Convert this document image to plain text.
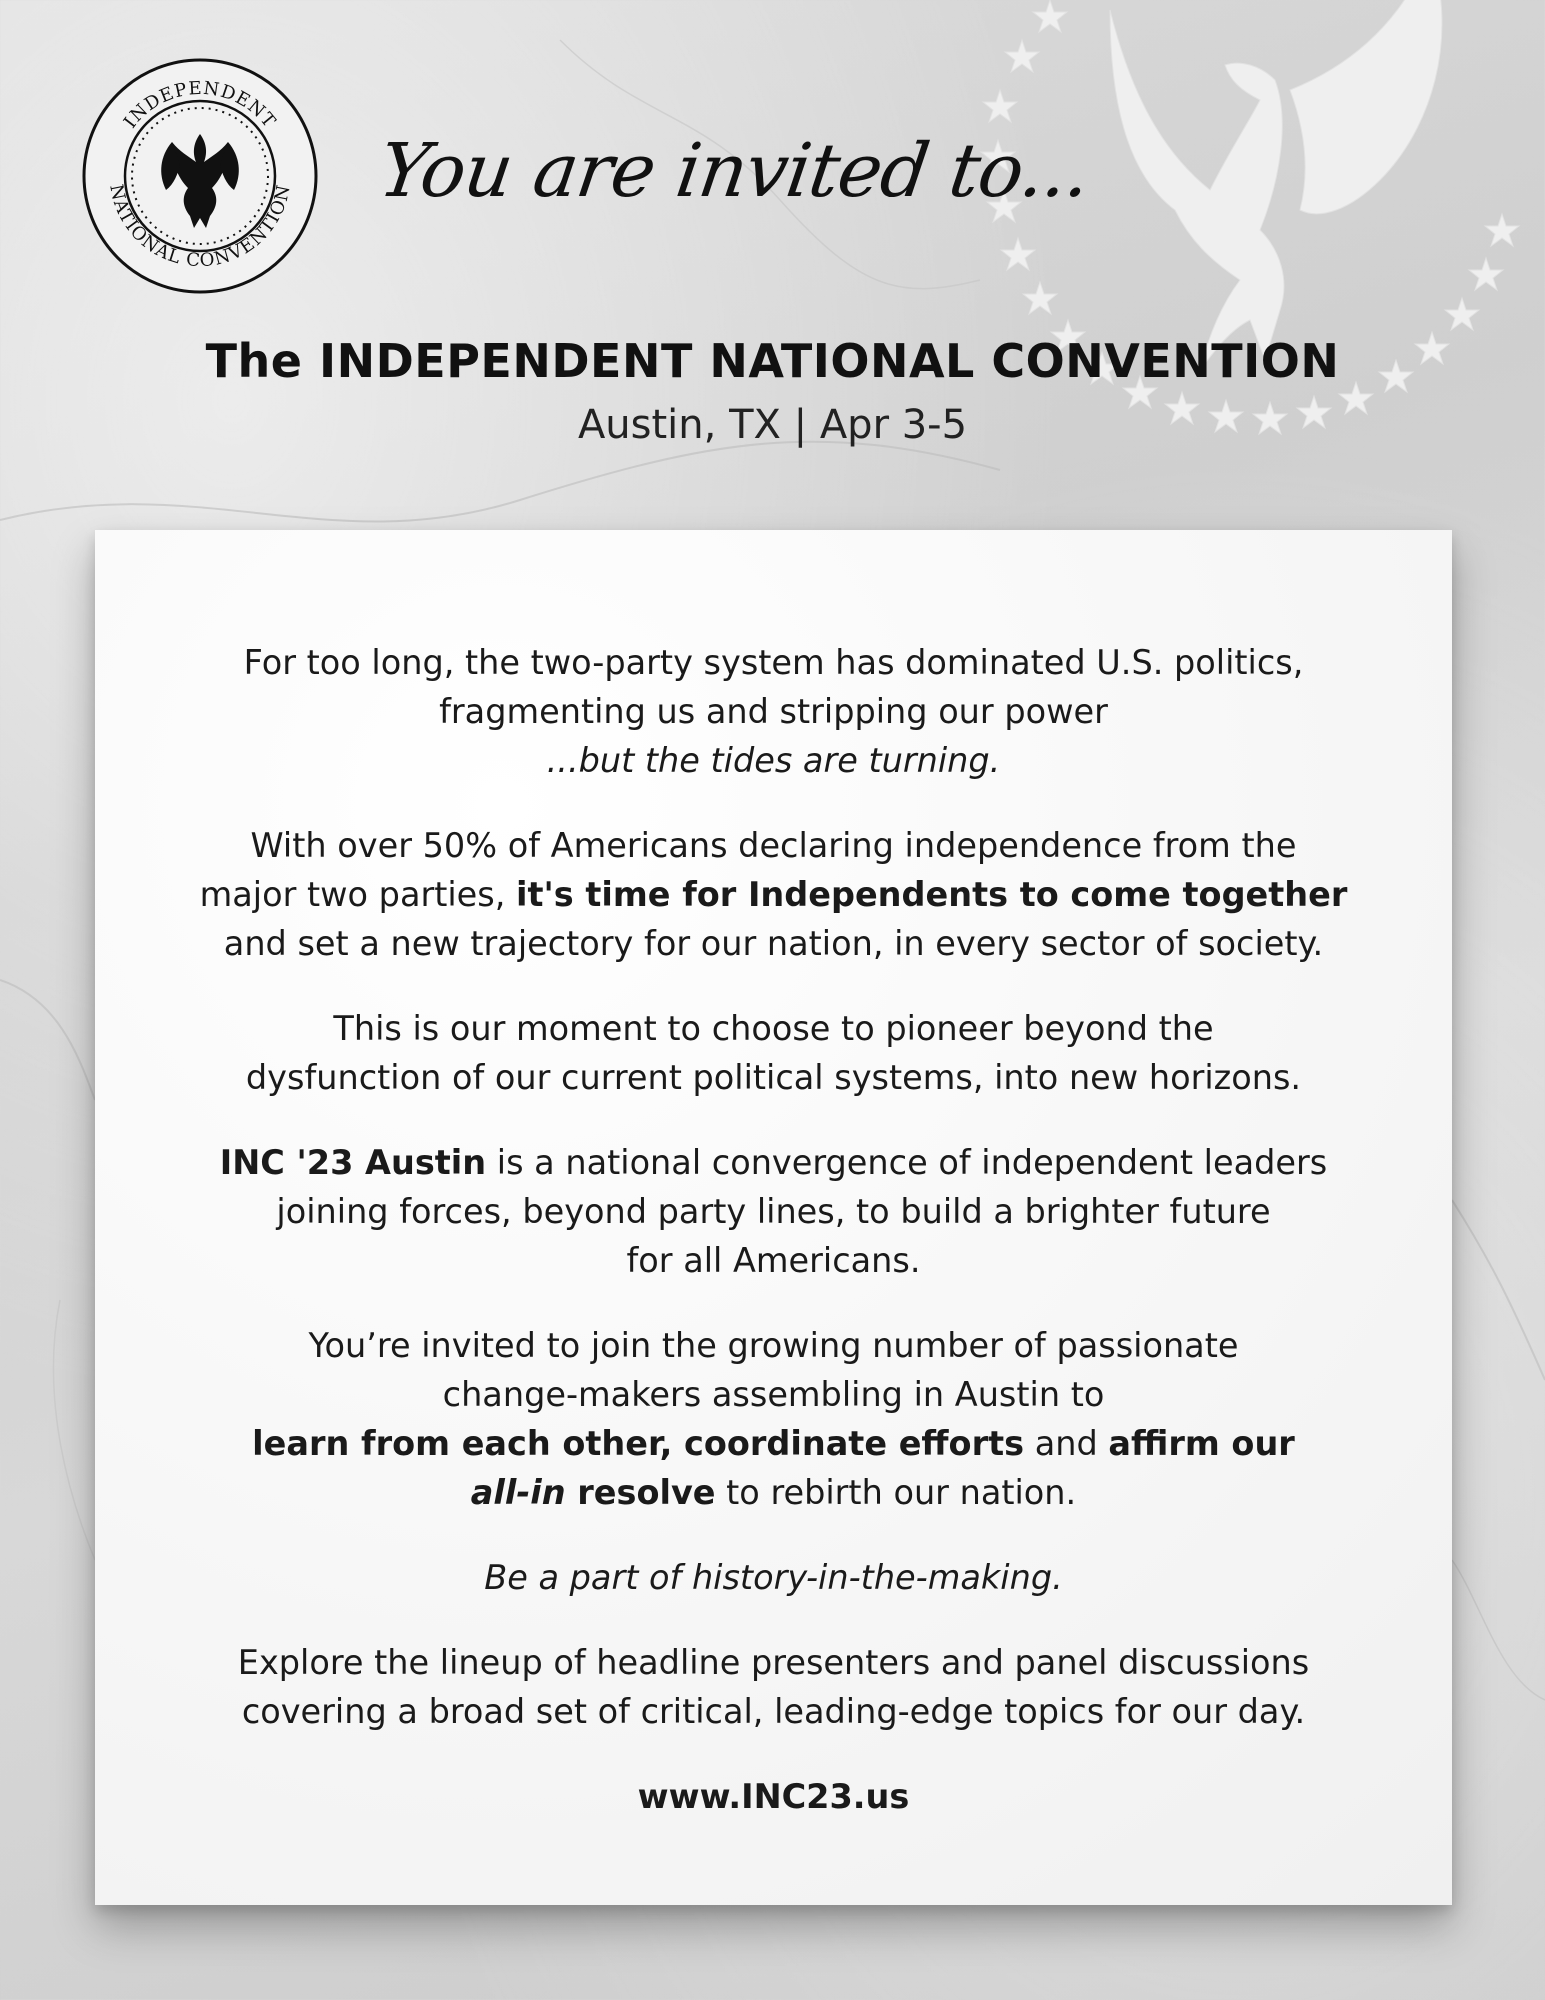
INDEPENDENT
NATIONAL CONVENTION You are invited to...
The INDEPENDENT NATIONAL CONVENTION
Austin, TX | Apr 3-5

For too long, the two-party system has dominated U.S. politics,
fragmenting us and stripping our power
...but the tides are turning.

With over 50% of Americans declaring independence from the
major two parties, it's time for Independents to come together
and set a new trajectory for our nation, in every sector of society.

This is our moment to choose to pioneer beyond the
dysfunction of our current political systems, into new horizons.

INC '23 Austin is a national convergence of independent leaders
joining forces, beyond party lines, to build a brighter future
for all Americans.

You’re invited to join the growing number of passionate
change-makers assembling in Austin to
learn from each other, coordinate efforts and affirm our
all-in resolve to rebirth our nation.

Be a part of history-in-the-making.

Explore the lineup of headline presenters and panel discussions
covering a broad set of critical, leading-edge topics for our day.

www.INC23.us
